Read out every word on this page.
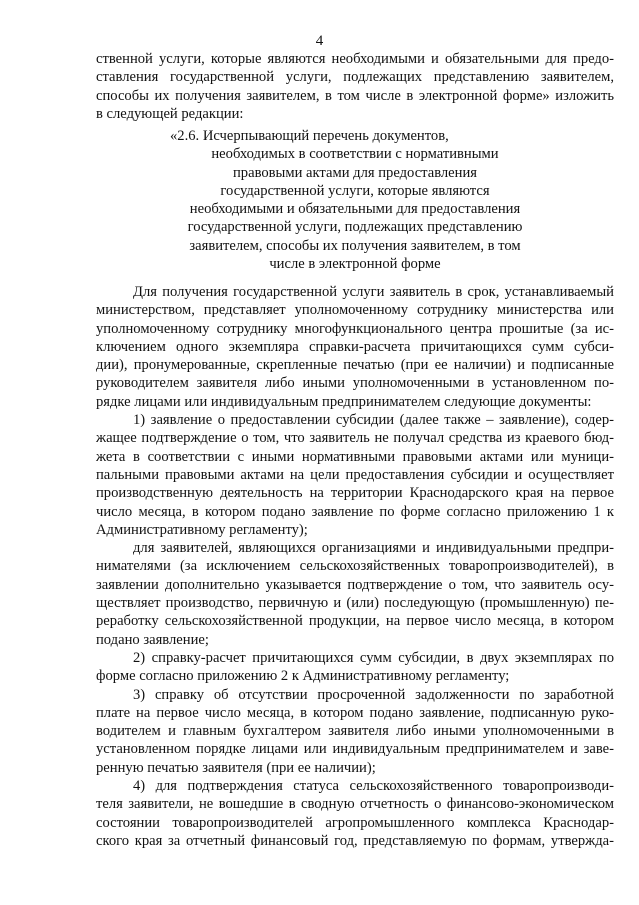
4
ственной услуги, которые являются необходимыми и обязательными для предо-
ставления государственной услуги, подлежащих представлению заявителем,
способы их получения заявителем, в том числе в электронной форме» изложить
в следующей редакции:
«2.6. Исчерпывающий перечень документов,
необходимых в соответствии с нормативными
правовыми актами для предоставления
государственной услуги, которые являются
необходимыми и обязательными для предоставления
государственной услуги, подлежащих представлению
заявителем, способы их получения заявителем, в том
числе в электронной форме
Для получения государственной услуги заявитель в срок, устанавливаемый
министерством, представляет уполномоченному сотруднику министерства или
уполномоченному сотруднику многофункционального центра прошитые (за ис-
ключением одного экземпляра справки-расчета причитающихся сумм субси-
дии), пронумерованные, скрепленные печатью (при ее наличии) и подписанные
руководителем заявителя либо иными уполномоченными в установленном по-
рядке лицами или индивидуальным предпринимателем следующие документы:
1) заявление о предоставлении субсидии (далее также – заявление), содер-
жащее подтверждение о том, что заявитель не получал средства из краевого бюд-
жета в соответствии с иными нормативными правовыми актами или муници-
пальными правовыми актами на цели предоставления субсидии и осуществляет
производственную деятельность на территории Краснодарского края на первое
число месяца, в котором подано заявление по форме согласно приложению 1 к
Административному регламенту);
для заявителей, являющихся организациями и индивидуальными предпри-
нимателями (за исключением сельскохозяйственных товаропроизводителей), в
заявлении дополнительно указывается подтверждение о том, что заявитель осу-
ществляет производство, первичную и (или) последующую (промышленную) пе-
реработку сельскохозяйственной продукции, на первое число месяца, в котором
подано заявление;
2) справку-расчет причитающихся сумм субсидии, в двух экземплярах по
форме согласно приложению 2 к Административному регламенту;
3) справку об отсутствии просроченной задолженности по заработной
плате на первое число месяца, в котором подано заявление, подписанную руко-
водителем и главным бухгалтером заявителя либо иными уполномоченными в
установленном порядке лицами или индивидуальным предпринимателем и заве-
ренную печатью заявителя (при ее наличии);
4) для подтверждения статуса сельскохозяйственного товаропроизводи-
теля заявители, не вошедшие в сводную отчетность о финансово-экономическом
состоянии товаропроизводителей агропромышленного комплекса Краснодар-
ского края за отчетный финансовый год, представляемую по формам, утвержда-
